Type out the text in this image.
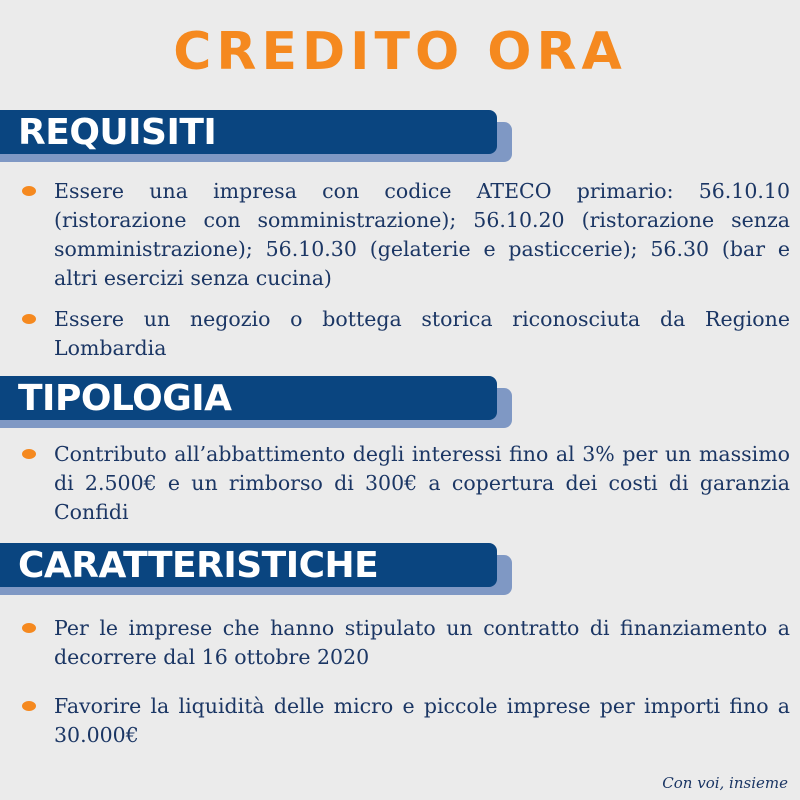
CREDITO ORA
REQUISITI
Essere una impresa con codice ATECO primario: 56.10.10 (ristorazione con somministrazione); 56.10.20 (ristorazione senza somministrazione); 56.10.30 (gelaterie e pasticcerie); 56.30 (bar e altri esercizi senza cucina)
Essere un negozio o bottega storica riconosciuta da Regione Lombardia
TIPOLOGIA
Contributo all’abbattimento degli interessi fino al 3% per un massimo di 2.500€ e un rimborso di 300€ a copertura dei costi di garanzia Confidi
CARATTERISTICHE
Per le imprese che hanno stipulato un contratto di finanziamento a decorrere dal 16 ottobre 2020
Favorire la liquidità delle micro e piccole imprese per importi fino a 30.000€
Con voi, insieme
